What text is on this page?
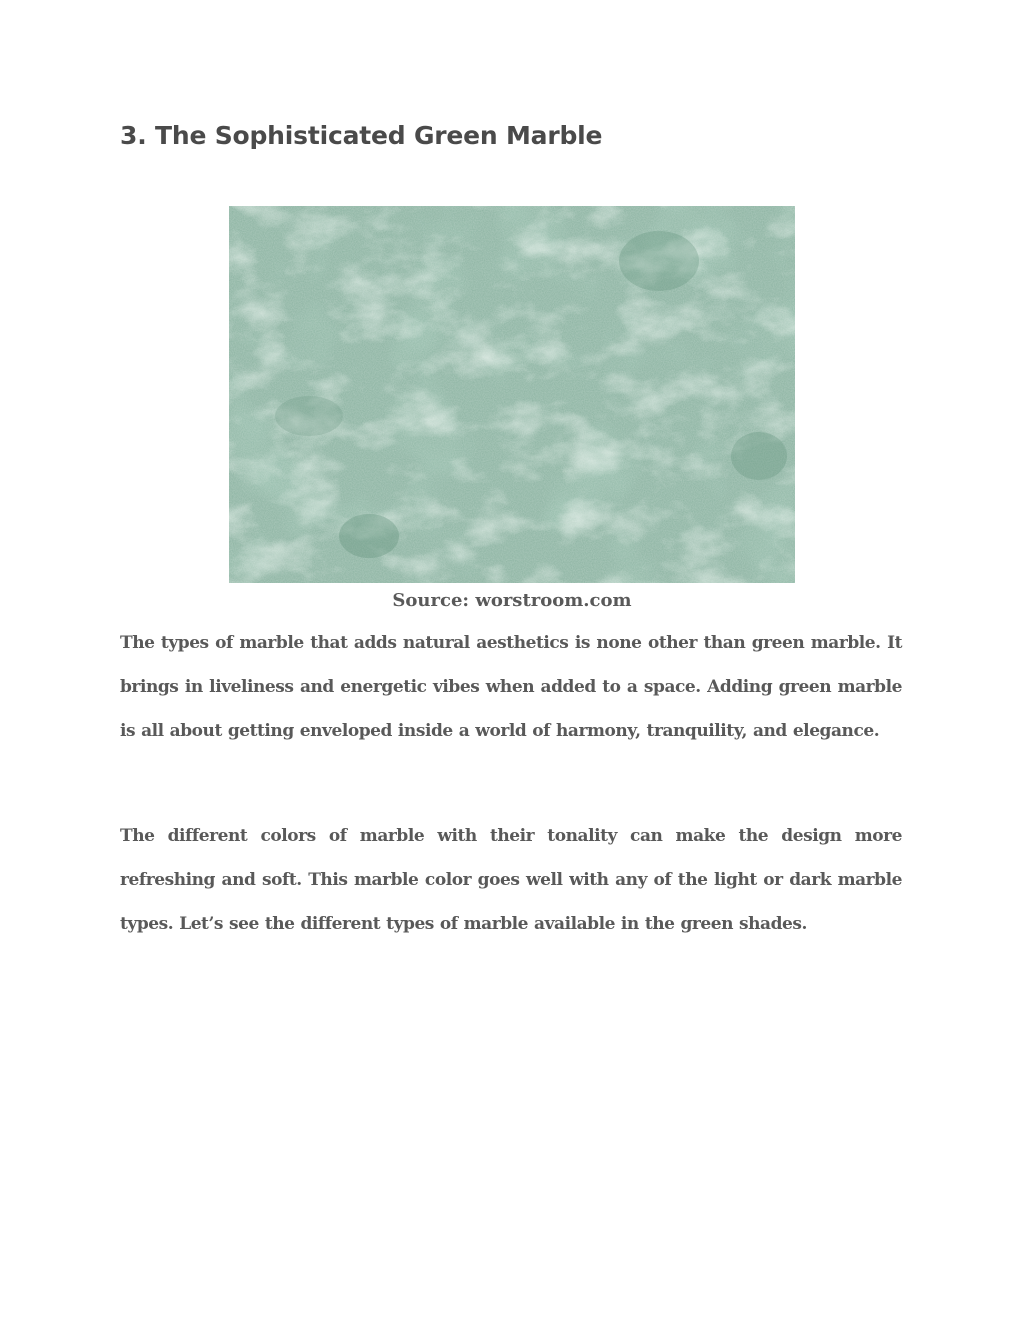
3. The Sophisticated Green Marble
Source: worstroom.com

The types of marble that adds natural aesthetics is none other than green marble. It brings in liveliness and energetic vibes when added to a space. Adding green marble is all about getting enveloped inside a world of harmony, tranquility, and elegance.

The different colors of marble with their tonality can make the design more refreshing and soft. This marble color goes well with any of the light or dark marble types. Let’s see the different types of marble available in the green shades.
